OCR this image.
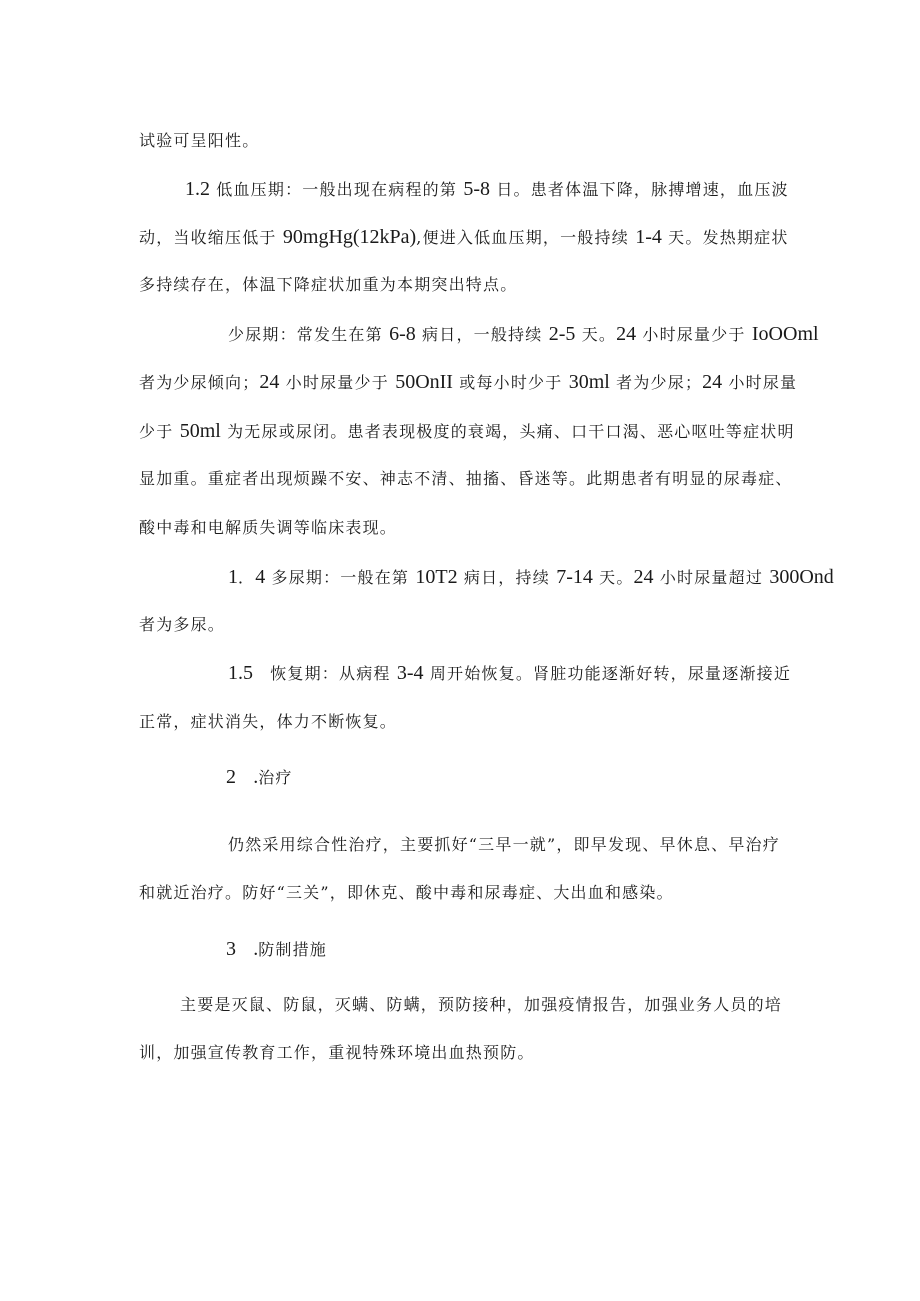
试验可呈阳性。
1.2 低血压期：一般出现在病程的第 5-8 日。患者体温下降，脉搏增速，血压波
动，当收缩压低于 90mgHg(12kPa),便进入低血压期，一般持续 1-4 天。发热期症状
多持续存在，体温下降症状加重为本期突出特点。
少尿期：常发生在第 6-8 病日，一般持续 2-5 天。24 小时尿量少于 IoOOml
者为少尿倾向；24 小时尿量少于 50OnII 或每小时少于 30ml 者为少尿；24 小时尿量
少于 50ml 为无尿或尿闭。患者表现极度的衰竭，头痛、口干口渴、恶心呕吐等症状明
显加重。重症者出现烦躁不安、神志不清、抽搐、昏迷等。此期患者有明显的尿毒症、
酸中毒和电解质失调等临床表现。
1．4 多尿期：一般在第 10T2 病日，持续 7-14 天。24 小时尿量超过 300Ond
者为多尿。
1.5　恢复期：从病程 3-4 周开始恢复。肾脏功能逐渐好转，尿量逐渐接近
正常，症状消失，体力不断恢复。
2　 .治疗
仍然采用综合性治疗，主要抓好“三早一就”，即早发现、早休息、早治疗
和就近治疗。防好“三关”，即休克、酸中毒和尿毒症、大出血和感染。
3　 .防制措施
主要是灭鼠、防鼠，灭螨、防螨，预防接种，加强疫情报告，加强业务人员的培
训，加强宣传教育工作，重视特殊环境出血热预防。
